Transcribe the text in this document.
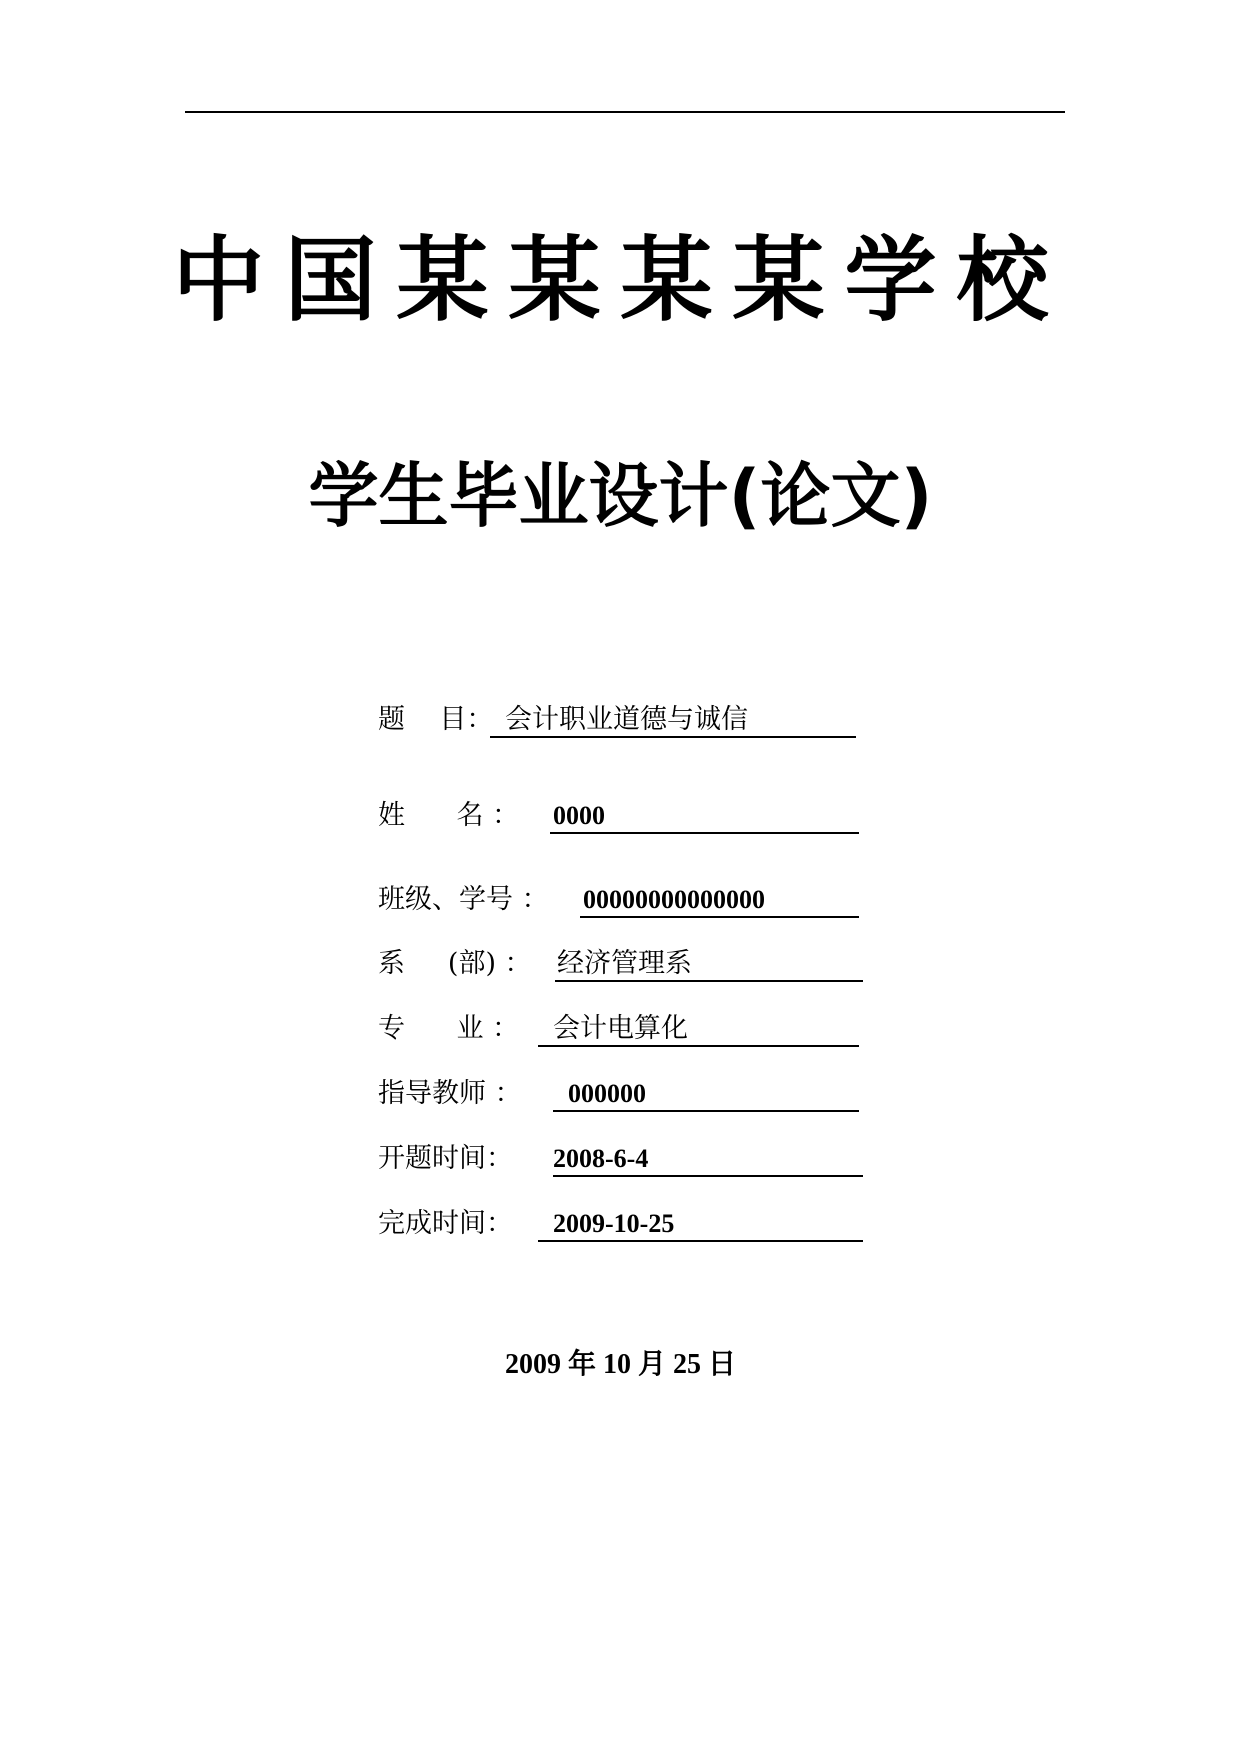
中国某某某某学校
学生毕业设计(论文)
题    目： 会计职业道德与诚信
姓      名 ： 0000
班级、学号 ： 00000000000000
系     (部) ： 经济管理系
专      业 ： 会计电算化
指导教师 ： 000000
开题时间： 2008-6-4
完成时间： 2009-10-25
2009 年 10 月 25 日
